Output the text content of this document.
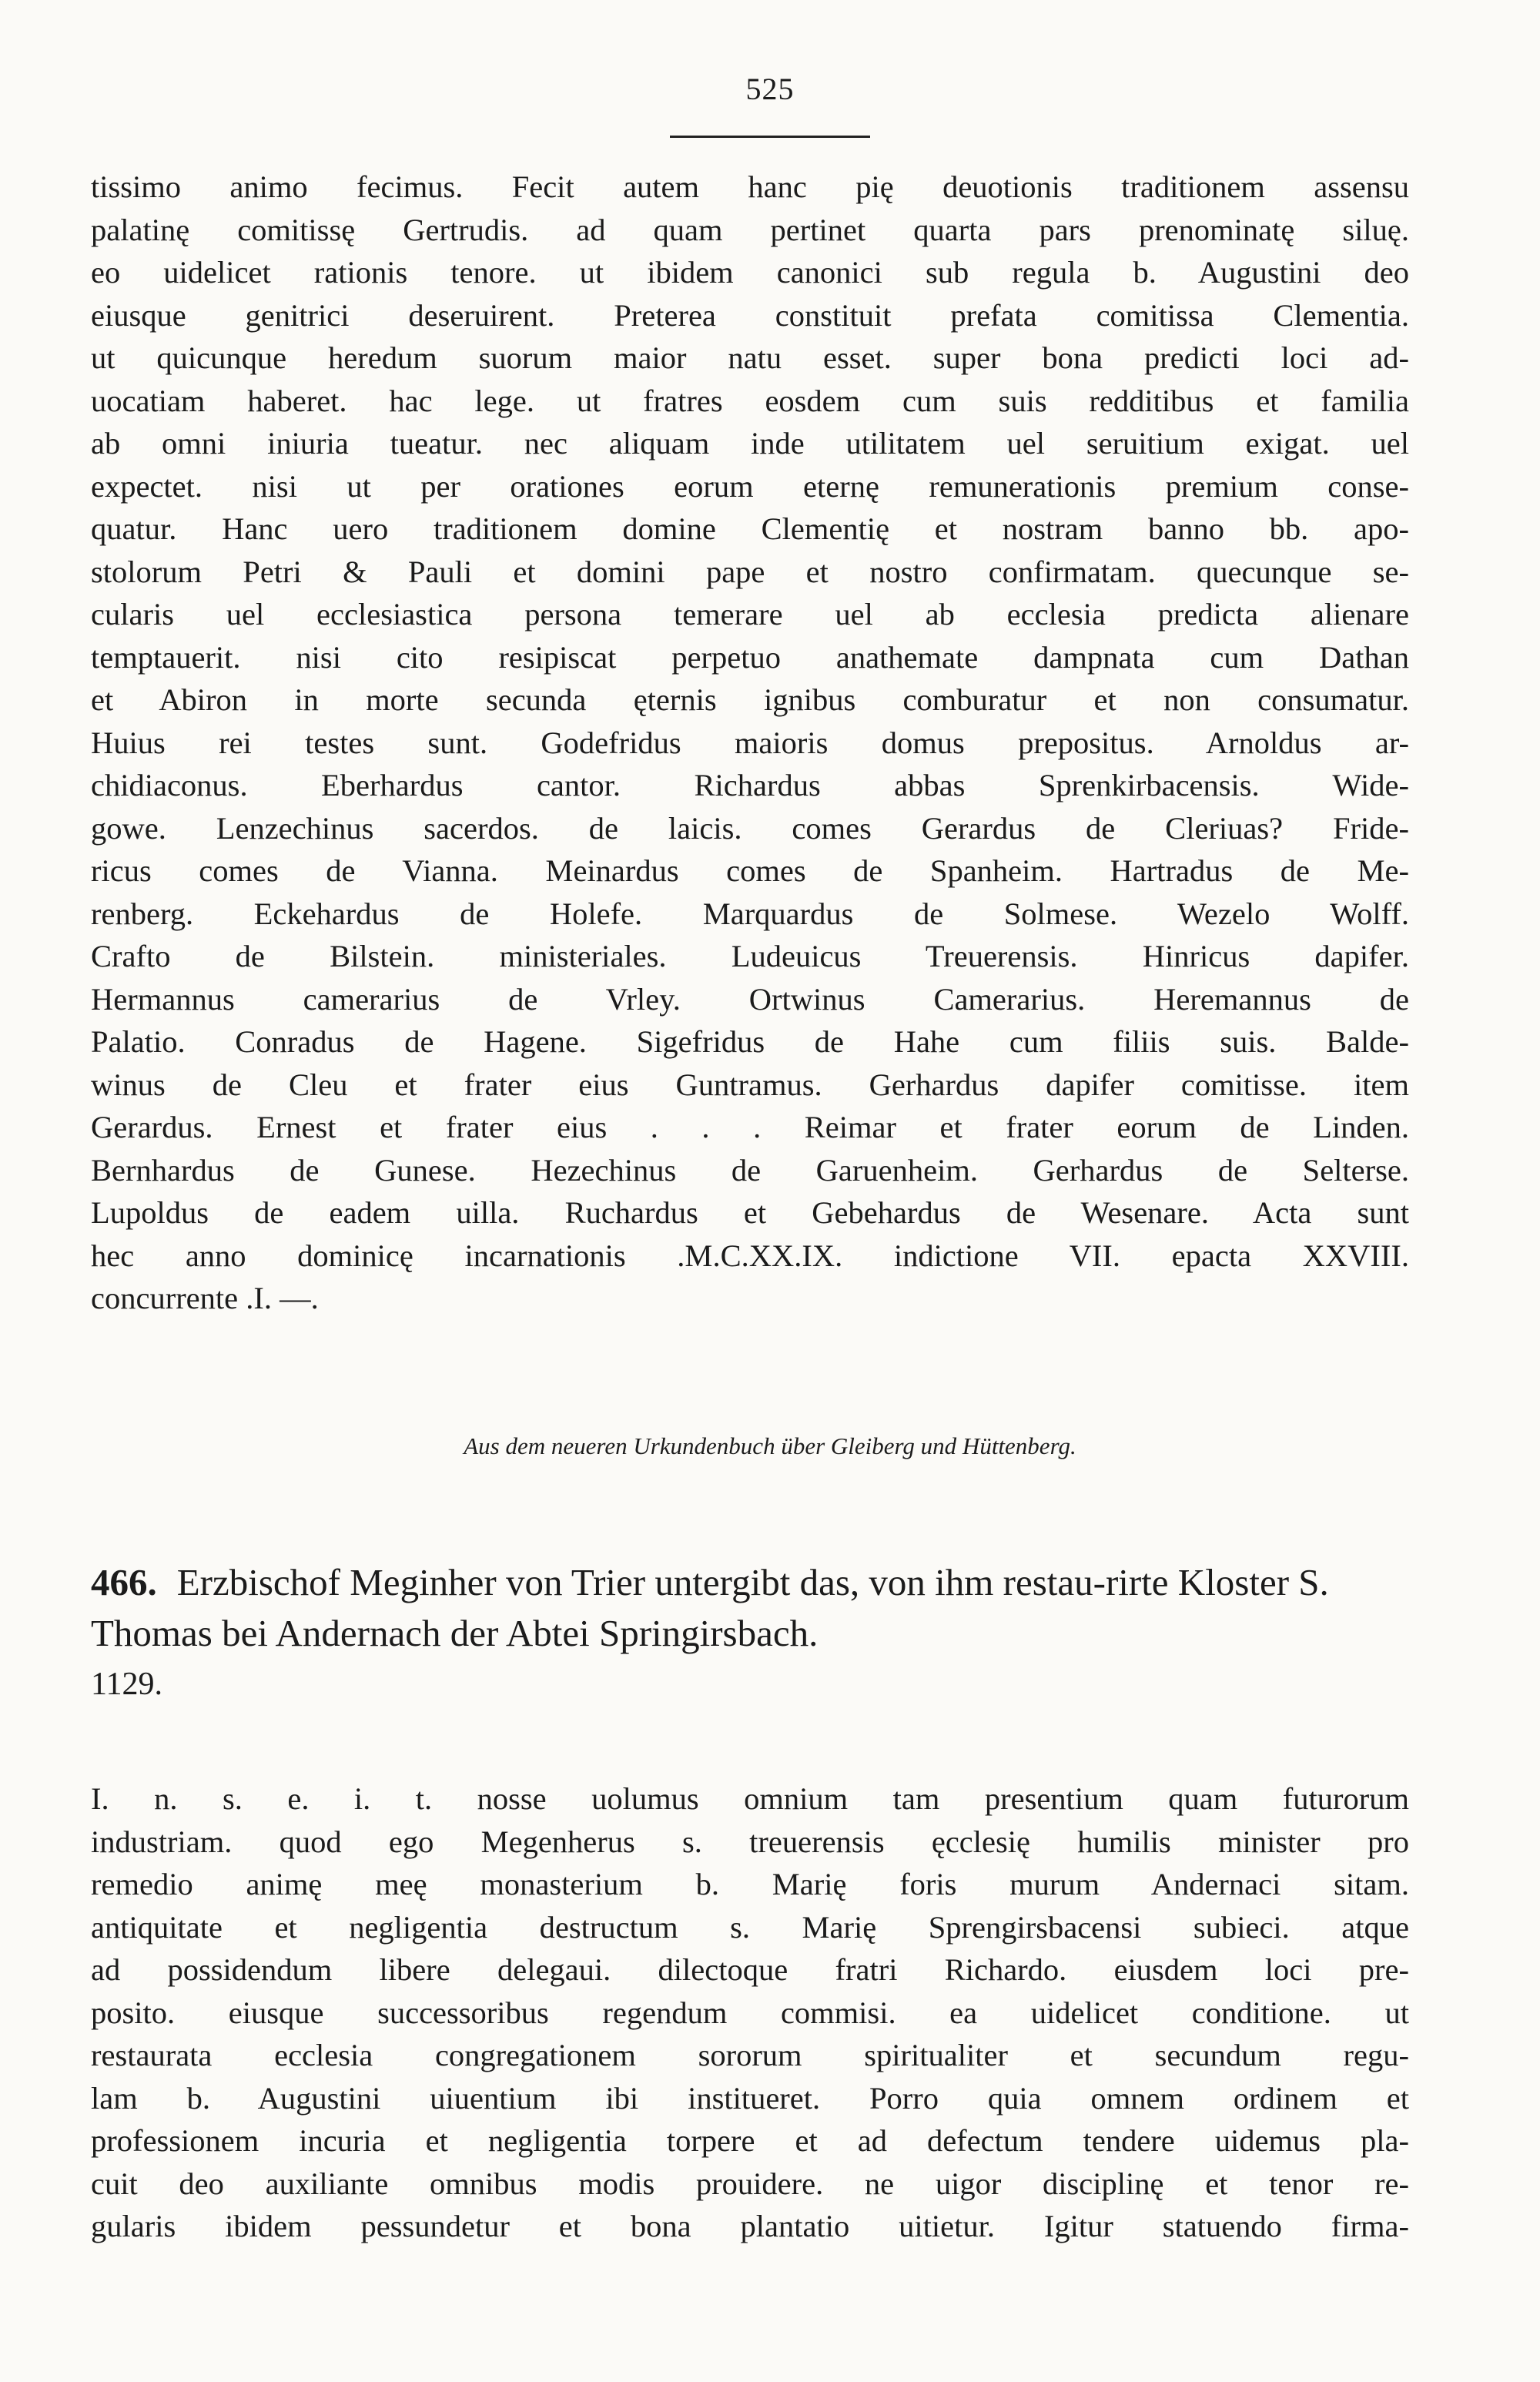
525
tissimo animo fecimus. Fecit autem hanc pię deuotionis traditionem assensu
palatinę comitissę Gertrudis. ad quam pertinet quarta pars prenominatę siluę.
eo uidelicet rationis tenore. ut ibidem canonici sub regula b. Augustini deo
eiusque genitrici deseruirent. Preterea constituit prefata comitissa Clementia.
ut quicunque heredum suorum maior natu esset. super bona predicti loci ad-
uocatiam haberet. hac lege. ut fratres eosdem cum suis redditibus et familia
ab omni iniuria tueatur. nec aliquam inde utilitatem uel seruitium exigat. uel
expectet. nisi ut per orationes eorum eternę remunerationis premium conse-
quatur. Hanc uero traditionem domine Clementię et nostram banno bb. apo-
stolorum Petri & Pauli et domini pape et nostro confirmatam. quecunque se-
cularis uel ecclesiastica persona temerare uel ab ecclesia predicta alienare
temptauerit. nisi cito resipiscat perpetuo anathemate dampnata cum Dathan
et Abiron in morte secunda ęternis ignibus comburatur et non consumatur.
Huius rei testes sunt. Godefridus maioris domus prepositus. Arnoldus ar-
chidiaconus. Eberhardus cantor. Richardus abbas Sprenkirbacensis. Wide-
gowe. Lenzechinus sacerdos. de laicis. comes Gerardus de Cleriuas? Fride-
ricus comes de Vianna. Meinardus comes de Spanheim. Hartradus de Me-
renberg. Eckehardus de Holefe. Marquardus de Solmese. Wezelo Wolff.
Crafto de Bilstein. ministeriales. Ludeuicus Treuerensis. Hinricus dapifer.
Hermannus camerarius de Vrley. Ortwinus Camerarius. Heremannus de
Palatio. Conradus de Hagene. Sigefridus de Hahe cum filiis suis. Balde-
winus de Cleu et frater eius Guntramus. Gerhardus dapifer comitisse. item
Gerardus. Ernest et frater eius . . . Reimar et frater eorum de Linden.
Bernhardus de Gunese. Hezechinus de Garuenheim. Gerhardus de Selterse.
Lupoldus de eadem uilla. Ruchardus et Gebehardus de Wesenare. Acta sunt
hec anno dominicę incarnationis .M.C.XX.IX. indictione VII. epacta XXVIII.
concurrente .I. —.
Aus dem neueren Urkundenbuch über Gleiberg und Hüttenberg.
466. Erzbischof Meginher von Trier untergibt das, von ihm restau-rirte Kloster S. Thomas bei Andernach der Abtei Springirsbach.
1129.
I. n. s. e. i. t. nosse uolumus omnium tam presentium quam futurorum
industriam. quod ego Megenherus s. treuerensis ęcclesię humilis minister pro
remedio animę meę monasterium b. Marię foris murum Andernaci sitam.
antiquitate et negligentia destructum s. Marię Sprengirsbacensi subieci. atque
ad possidendum libere delegaui. dilectoque fratri Richardo. eiusdem loci pre-
posito. eiusque successoribus regendum commisi. ea uidelicet conditione. ut
restaurata ecclesia congregationem sororum spiritualiter et secundum regu-
lam b. Augustini uiuentium ibi institueret. Porro quia omnem ordinem et
professionem incuria et negligentia torpere et ad defectum tendere uidemus pla-
cuit deo auxiliante omnibus modis prouidere. ne uigor disciplinę et tenor re-
gularis ibidem pessundetur et bona plantatio uitietur. Igitur statuendo firma-
